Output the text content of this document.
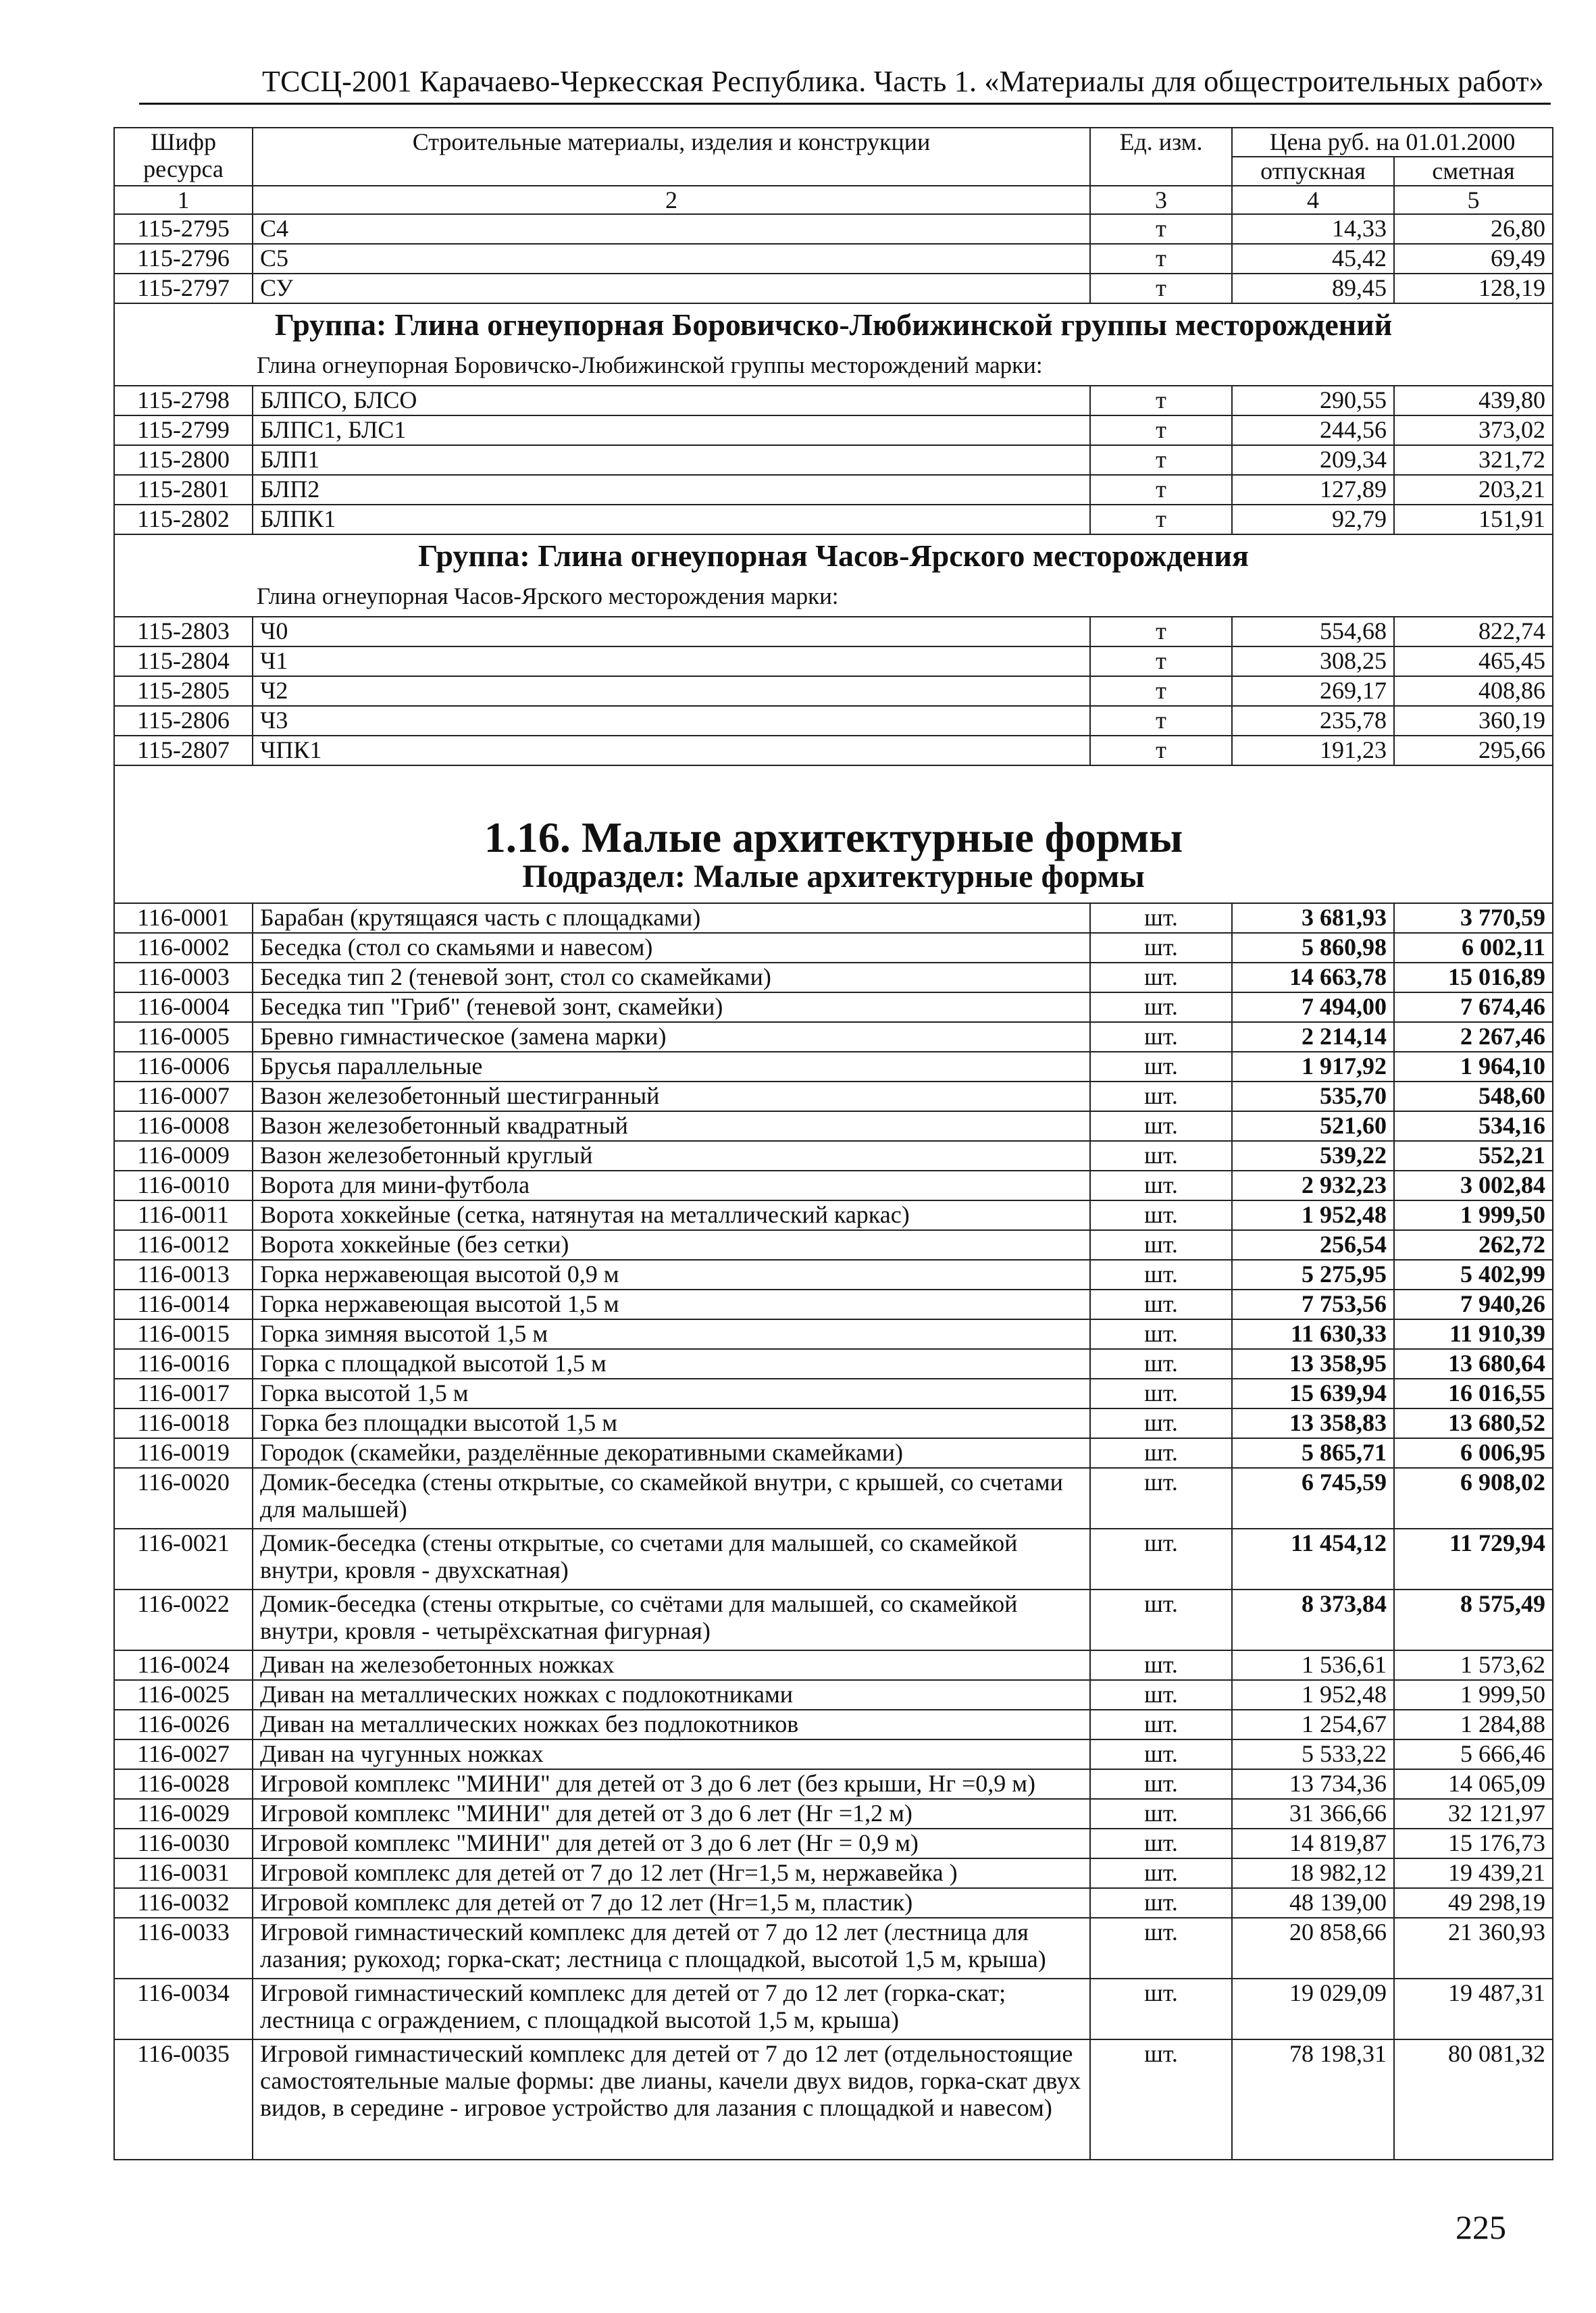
ТССЦ-2001 Карачаево-Черкесская Республика. Часть 1. «Материалы для общестроительных работ»
Шифр ресурса	Строительные материалы, изделия и конструкции	Ед. изм.	Цена руб. на 01.01.2000	
			отпускная	сметная
1	2	3	4	5
115-2795	С4	т	14,33	26,80
115-2796	С5	т	45,42	69,49
115-2797	СУ	т	89,45	128,19
Группа: Глина огнеупорная Боровичско-Любижинской группы месторождений				
Глина огнеупорная Боровичско-Любижинской группы месторождений марки:				
115-2798	БЛПСО, БЛСО	т	290,55	439,80
115-2799	БЛПС1, БЛС1	т	244,56	373,02
115-2800	БЛП1	т	209,34	321,72
115-2801	БЛП2	т	127,89	203,21
115-2802	БЛПК1	т	92,79	151,91
Группа: Глина огнеупорная Часов-Ярского месторождения				
Глина огнеупорная Часов-Ярского месторождения марки:				
115-2803	Ч0	т	554,68	822,74
115-2804	Ч1	т	308,25	465,45
115-2805	Ч2	т	269,17	408,86
115-2806	Ч3	т	235,78	360,19
115-2807	ЧПК1	т	191,23	295,66
1.16. Малые архитектурные формы				
Подраздел: Малые архитектурные формы				
116-0001	Барабан (крутящаяся часть с площадками)	шт.	3 681,93	3 770,59
116-0002	Беседка (стол со скамьями и навесом)	шт.	5 860,98	6 002,11
116-0003	Беседка тип 2 (теневой зонт, стол со скамейками)	шт.	14 663,78	15 016,89
116-0004	Беседка тип "Гриб" (теневой зонт, скамейки)	шт.	7 494,00	7 674,46
116-0005	Бревно гимнастическое (замена марки)	шт.	2 214,14	2 267,46
116-0006	Брусья параллельные	шт.	1 917,92	1 964,10
116-0007	Вазон железобетонный шестигранный	шт.	535,70	548,60
116-0008	Вазон железобетонный квадратный	шт.	521,60	534,16
116-0009	Вазон железобетонный круглый	шт.	539,22	552,21
116-0010	Ворота для мини-футбола	шт.	2 932,23	3 002,84
116-0011	Ворота хоккейные (сетка, натянутая на металлический каркас)	шт.	1 952,48	1 999,50
116-0012	Ворота хоккейные (без сетки)	шт.	256,54	262,72
116-0013	Горка нержавеющая высотой 0,9 м	шт.	5 275,95	5 402,99
116-0014	Горка нержавеющая высотой 1,5 м	шт.	7 753,56	7 940,26
116-0015	Горка зимняя высотой 1,5 м	шт.	11 630,33	11 910,39
116-0016	Горка с площадкой высотой 1,5 м	шт.	13 358,95	13 680,64
116-0017	Горка высотой 1,5 м	шт.	15 639,94	16 016,55
116-0018	Горка без площадки высотой 1,5 м	шт.	13 358,83	13 680,52
116-0019	Городок (скамейки, разделённые декоративными скамейками)	шт.	5 865,71	6 006,95
116-0020	Домик-беседка (стены открытые, со скамейкой внутри, с крышей, со счетами для малышей)	шт.	6 745,59	6 908,02
116-0021	Домик-беседка (стены открытые, со счетами для малышей, со скамейкой внутри, кровля - двухскатная)	шт.	11 454,12	11 729,94
116-0022	Домик-беседка (стены открытые, со счётами для малышей, со скамейкой внутри, кровля - четырёхскатная фигурная)	шт.	8 373,84	8 575,49
116-0024	Диван на железобетонных ножках	шт.	1 536,61	1 573,62
116-0025	Диван на металлических ножках с подлокотниками	шт.	1 952,48	1 999,50
116-0026	Диван на металлических ножках без подлокотников	шт.	1 254,67	1 284,88
116-0027	Диван на чугунных ножках	шт.	5 533,22	5 666,46
116-0028	Игровой комплекс "МИНИ" для детей от 3 до 6 лет (без крыши, Нг =0,9 м)	шт.	13 734,36	14 065,09
116-0029	Игровой комплекс "МИНИ" для детей от 3 до 6 лет (Нг =1,2 м)	шт.	31 366,66	32 121,97
116-0030	Игровой комплекс "МИНИ" для детей от 3 до 6 лет (Нг = 0,9 м)	шт.	14 819,87	15 176,73
116-0031	Игровой комплекс для детей от 7 до 12 лет (Нг=1,5 м, нержавейка )	шт.	18 982,12	19 439,21
116-0032	Игровой комплекс для детей от 7 до 12 лет (Нг=1,5 м, пластик)	шт.	48 139,00	49 298,19
116-0033	Игровой гимнастический комплекс для детей от 7 до 12 лет (лестница для лазания; рукоход; горка-скат; лестница с площадкой, высотой 1,5 м, крыша)	шт.	20 858,66	21 360,93
116-0034	Игровой гимнастический комплекс для детей от 7 до 12 лет (горка-скат; лестница с ограждением, с площадкой высотой 1,5 м, крыша)	шт.	19 029,09	19 487,31
116-0035	Игровой гимнастический комплекс для детей от 7 до 12 лет (отдельностоящие самостоятельные малые формы: две лианы, качели двух видов, горка-скат двух видов, в середине - игровое устройство для лазания с площадкой и навесом)	шт.	78 198,31	80 081,32
225
